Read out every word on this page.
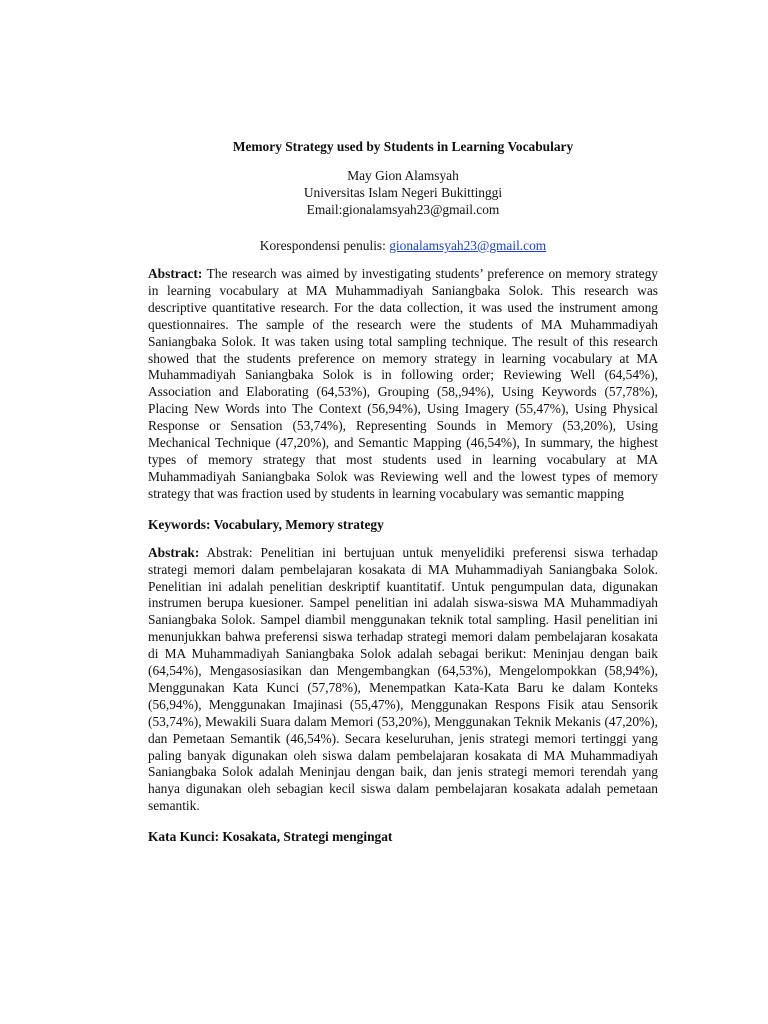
Memory Strategy used by Students in Learning Vocabulary
May Gion Alamsyah
Universitas Islam Negeri Bukittinggi
Email:gionalamsyah23@gmail.com
Korespondensi penulis: gionalamsyah23@gmail.com
Abstract: The research was aimed by investigating students’ preference on memory strategy in learning vocabulary at MA Muhammadiyah Saniangbaka Solok. This research was descriptive quantitative research. For the data collection, it was used the instrument among questionnaires. The sample of the research were the students of MA Muhammadiyah Saniangbaka Solok. It was taken using total sampling technique. The result of this research showed that the students preference on memory strategy in learning vocabulary at MA Muhammadiyah Saniangbaka Solok is in following order; Reviewing Well (64,54%), Association and Elaborating (64,53%), Grouping (58,,94%), Using Keywords (57,78%), Placing New Words into The Context (56,94%), Using Imagery (55,47%), Using Physical Response or Sensation (53,74%), Representing Sounds in Memory (53,20%), Using Mechanical Technique (47,20%), and Semantic Mapping (46,54%), In summary, the highest types of memory strategy that most students used in learning vocabulary at MA Muhammadiyah Saniangbaka Solok was Reviewing well and the lowest types of memory strategy that was fraction used by students in learning vocabulary was semantic mapping
Keywords: Vocabulary, Memory strategy
Abstrak: Abstrak: Penelitian ini bertujuan untuk menyelidiki preferensi siswa terhadap strategi memori dalam pembelajaran kosakata di MA Muhammadiyah Saniangbaka Solok. Penelitian ini adalah penelitian deskriptif kuantitatif. Untuk pengumpulan data, digunakan instrumen berupa kuesioner. Sampel penelitian ini adalah siswa-siswa MA Muhammadiyah Saniangbaka Solok. Sampel diambil menggunakan teknik total sampling. Hasil penelitian ini menunjukkan bahwa preferensi siswa terhadap strategi memori dalam pembelajaran kosakata di MA Muhammadiyah Saniangbaka Solok adalah sebagai berikut: Meninjau dengan baik (64,54%), Mengasosiasikan dan Mengembangkan (64,53%), Mengelompokkan (58,94%), Menggunakan Kata Kunci (57,78%), Menempatkan Kata-Kata Baru ke dalam Konteks (56,94%), Menggunakan Imajinasi (55,47%), Menggunakan Respons Fisik atau Sensorik (53,74%), Mewakili Suara dalam Memori (53,20%), Menggunakan Teknik Mekanis (47,20%), dan Pemetaan Semantik (46,54%). Secara keseluruhan, jenis strategi memori tertinggi yang paling banyak digunakan oleh siswa dalam pembelajaran kosakata di MA Muhammadiyah Saniangbaka Solok adalah Meninjau dengan baik, dan jenis strategi memori terendah yang hanya digunakan oleh sebagian kecil siswa dalam pembelajaran kosakata adalah pemetaan semantik.
Kata Kunci: Kosakata, Strategi mengingat
